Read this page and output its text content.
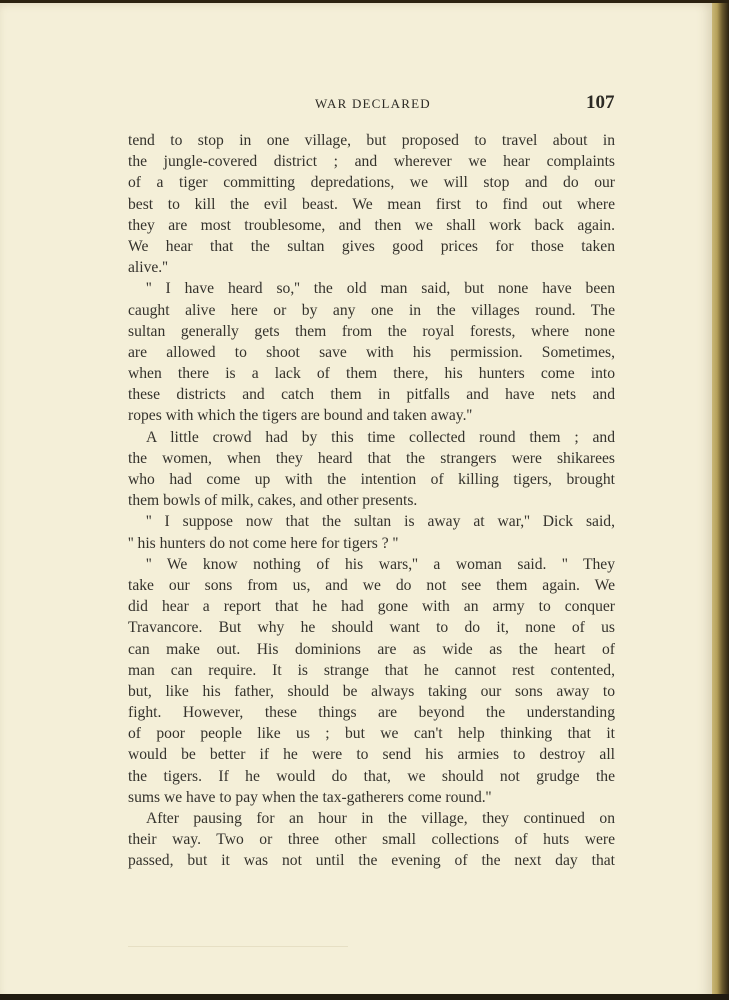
WAR DECLARED	107
tend to stop in one village, but proposed to travel about in
the jungle-covered district ; and wherever we hear complaints
of a tiger committing depredations, we will stop and do our
best to kill the evil beast. We mean first to find out where
they are most troublesome, and then we shall work back again.
We hear that the sultan gives good prices for those taken
alive.''
'' I have heard so,'' the old man said, but none have been
caught alive here or by any one in the villages round. The
sultan generally gets them from the royal forests, where none
are allowed to shoot save with his permission. Sometimes,
when there is a lack of them there, his hunters come into
these districts and catch them in pitfalls and have nets and
ropes with which the tigers are bound and taken away.''
A little crowd had by this time collected round them ; and
the women, when they heard that the strangers were shikarees
who had come up with the intention of killing tigers, brought
them bowls of milk, cakes, and other presents.
'' I suppose now that the sultan is away at war,'' Dick said,
'' his hunters do not come here for tigers ? ''
'' We know nothing of his wars,'' a woman said. '' They
take our sons from us, and we do not see them again. We
did hear a report that he had gone with an army to conquer
Travancore. But why he should want to do it, none of us
can make out. His dominions are as wide as the heart of
man can require. It is strange that he cannot rest contented,
but, like his father, should be always taking our sons away to
fight. However, these things are beyond the understanding
of poor people like us ; but we can't help thinking that it
would be better if he were to send his armies to destroy all
the tigers. If he would do that, we should not grudge the
sums we have to pay when the tax-gatherers come round.''
After pausing for an hour in the village, they continued on
their way. Two or three other small collections of huts were
passed, but it was not until the evening of the next day that
